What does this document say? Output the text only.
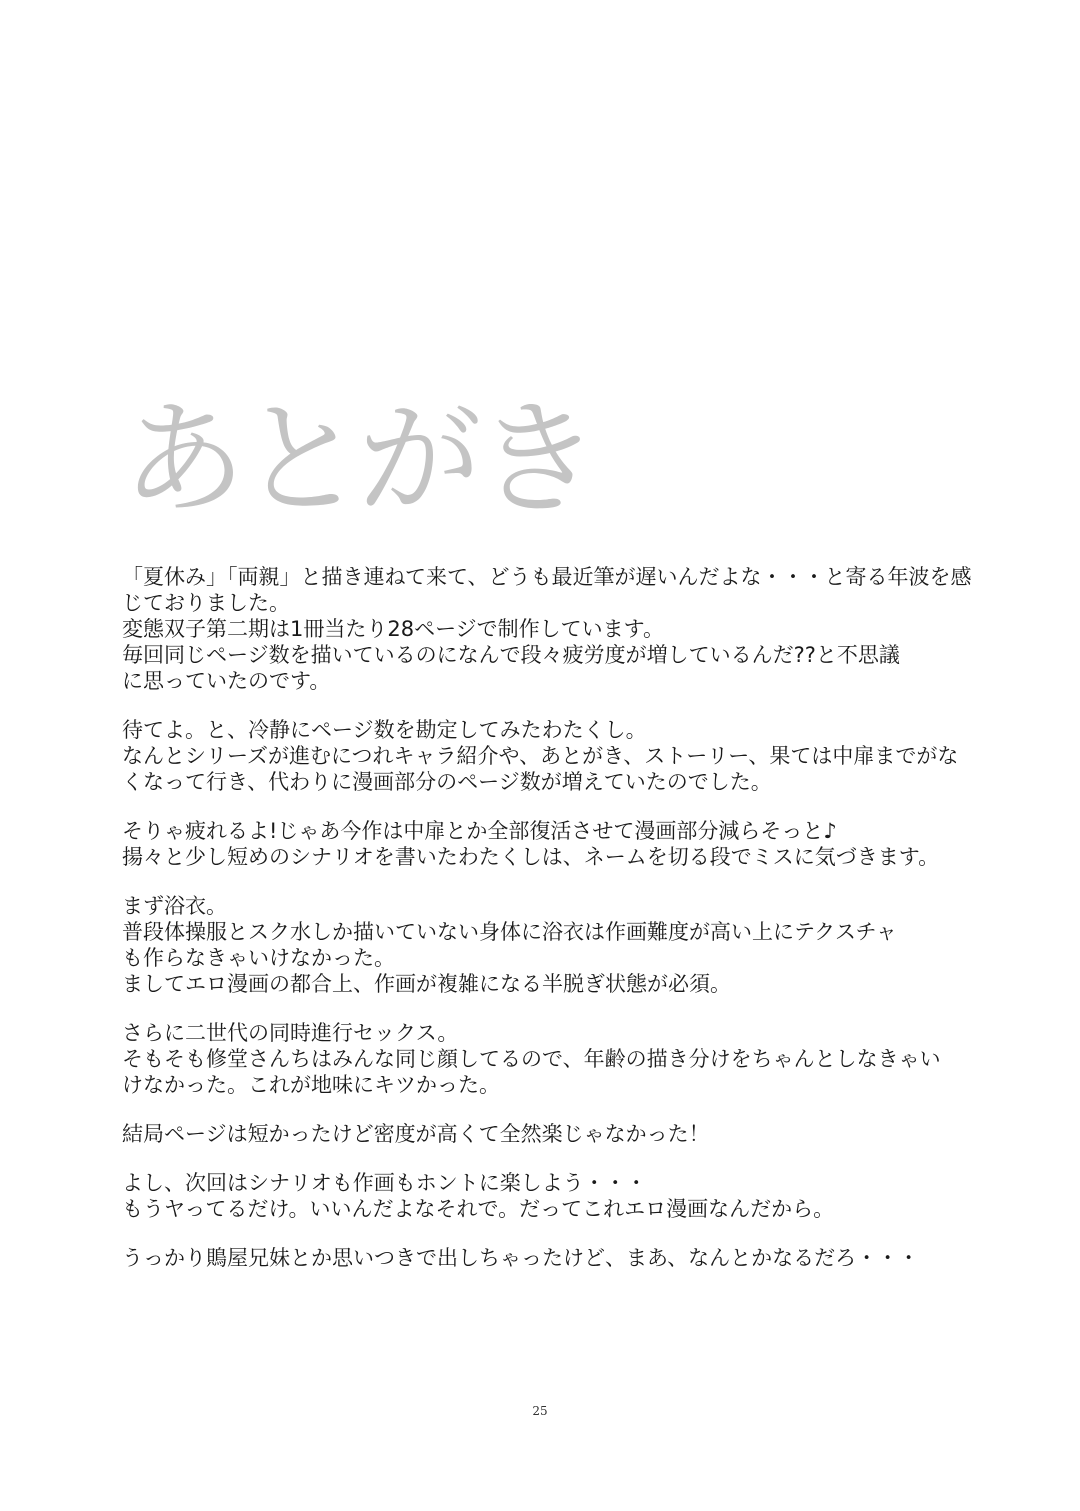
あとがき
「夏休み」「両親」と描き連ねて来て、どうも最近筆が遅いんだよな・・・と寄る年波を感
じておりました。
変態双子第二期は1冊当たり28ページで制作しています。
毎回同じページ数を描いているのになんで段々疲労度が増しているんだ??と不思議
に思っていたのです。
待てよ。と、冷静にページ数を勘定してみたわたくし。
なんとシリーズが進むにつれキャラ紹介や、あとがき、ストーリー、果ては中扉までがな
くなって行き、代わりに漫画部分のページ数が増えていたのでした。
そりゃ疲れるよ!じゃあ今作は中扉とか全部復活させて漫画部分減らそっと♪
揚々と少し短めのシナリオを書いたわたくしは、ネームを切る段でミスに気づきます。
まず浴衣。
普段体操服とスク水しか描いていない身体に浴衣は作画難度が高い上にテクスチャ
も作らなきゃいけなかった。
ましてエロ漫画の都合上、作画が複雑になる半脱ぎ状態が必須。
さらに二世代の同時進行セックス。
そもそも修堂さんちはみんな同じ顔してるので、年齢の描き分けをちゃんとしなきゃい
けなかった。これが地味にキツかった。
結局ページは短かったけど密度が高くて全然楽じゃなかった！
よし、次回はシナリオも作画もホントに楽しよう・・・
もうヤってるだけ。いいんだよなそれで。だってこれエロ漫画なんだから。
うっかり鵙屋兄妹とか思いつきで出しちゃったけど、まあ、なんとかなるだろ・・・
25
